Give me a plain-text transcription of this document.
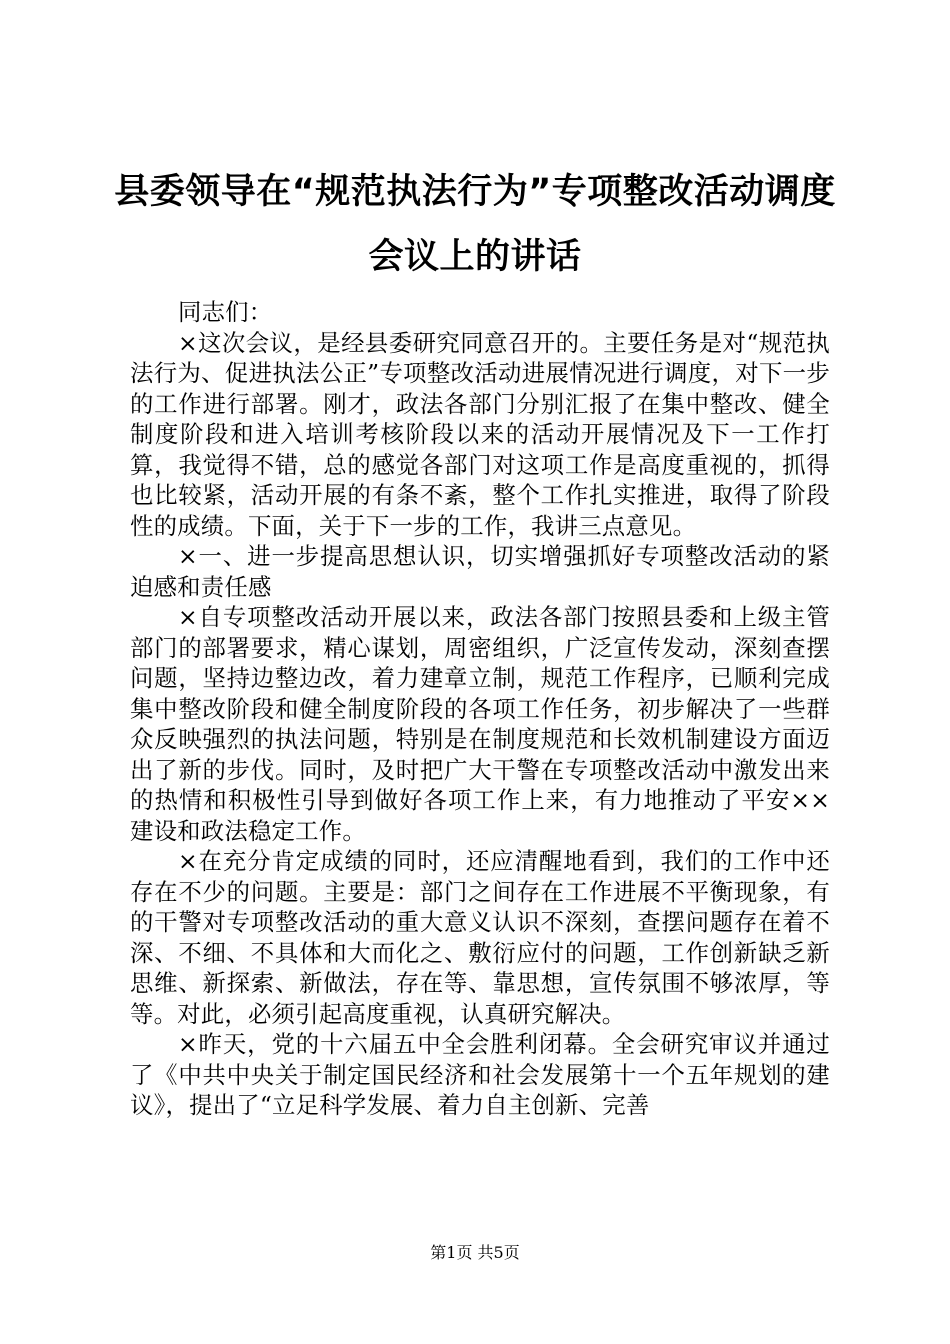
县委领导在“规范执法行为”专项整改活动调度会议上的讲话

同志们：

×这次会议，是经县委研究同意召开的。主要任务是对“规范执法行为、促进执法公正”专项整改活动进展情况进行调度，对下一步的工作进行部署。刚才，政法各部门分别汇报了在集中整改、健全制度阶段和进入培训考核阶段以来的活动开展情况及下一工作打算，我觉得不错，总的感觉各部门对这项工作是高度重视的，抓得也比较紧，活动开展的有条不紊，整个工作扎实推进，取得了阶段性的成绩。下面，关于下一步的工作，我讲三点意见。

×一、进一步提高思想认识，切实增强抓好专项整改活动的紧迫感和责任感

×自专项整改活动开展以来，政法各部门按照县委和上级主管部门的部署要求，精心谋划，周密组织，广泛宣传发动，深刻查摆问题，坚持边整边改，着力建章立制，规范工作程序，已顺利完成集中整改阶段和健全制度阶段的各项工作任务，初步解决了一些群众反映强烈的执法问题，特别是在制度规范和长效机制建设方面迈出了新的步伐。同时，及时把广大干警在专项整改活动中激发出来的热情和积极性引导到做好各项工作上来，有力地推动了平安××建设和政法稳定工作。

×在充分肯定成绩的同时，还应清醒地看到，我们的工作中还存在不少的问题。主要是：部门之间存在工作进展不平衡现象，有的干警对专项整改活动的重大意义认识不深刻，查摆问题存在着不深、不细、不具体和大而化之、敷衍应付的问题，工作创新缺乏新思维、新探索、新做法，存在等、靠思想，宣传氛围不够浓厚，等等。对此，必须引起高度重视，认真研究解决。

×昨天，党的十六届五中全会胜利闭幕。全会研究审议并通过了《中共中央关于制定国民经济和社会发展第十一个五年规划的建议》，提出了“立足科学发展、着力自主创新、完善

第1页 共5页
